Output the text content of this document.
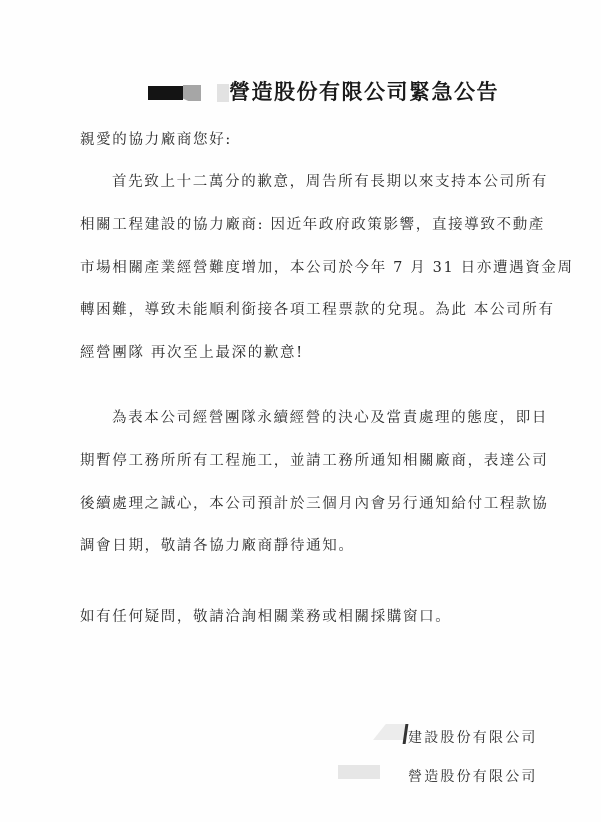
營造股份有限公司緊急公告
親愛的協力廠商您好:
首先致上十二萬分的歉意，周告所有長期以來支持本公司所有
相關工程建設的協力廠商: 因近年政府政策影響，直接導致不動產
市場相關產業經營難度增加，本公司於今年 7 月 31 日亦遭遇資金周
轉困難，導致未能順利銜接各項工程票款的兌現。為此 本公司所有
經營團隊 再次至上最深的歉意!
為表本公司經營團隊永續經營的決心及當責處理的態度，即日
期暫停工務所所有工程施工，並請工務所通知相關廠商，表達公司
後續處理之誠心，本公司預計於三個月內會另行通知給付工程款協
調會日期，敬請各協力廠商靜待通知。
如有任何疑問，敬請洽詢相關業務或相關採購窗口。
建設股份有限公司
營造股份有限公司
